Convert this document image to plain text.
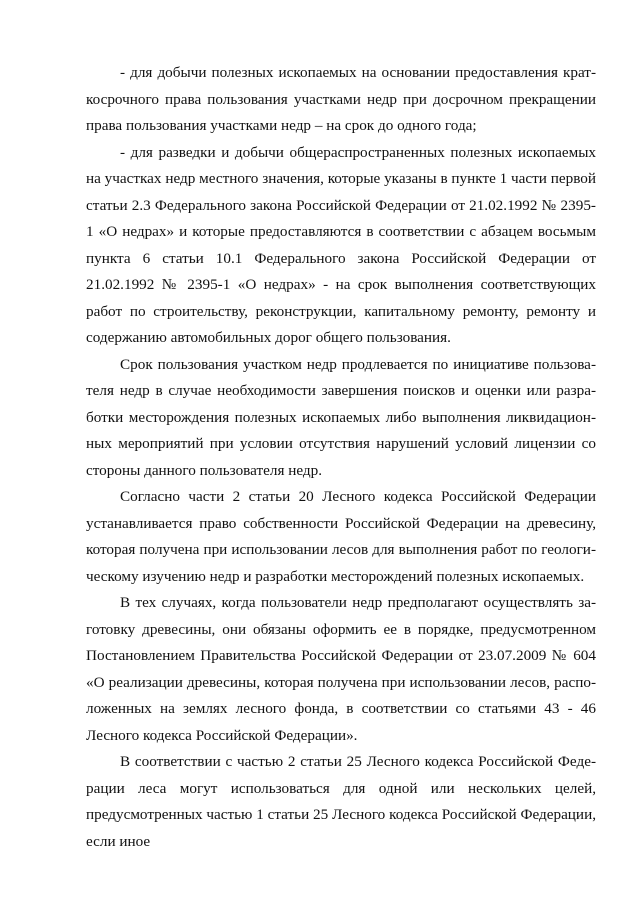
- для добычи полезных ископаемых на основании предоставления краткосрочного права пользования участками недр при досрочном прекращении права пользования участками недр – на срок до одного года;

- для разведки и добычи общераспространенных полезных ископаемых на участках недр местного значения, которые указаны в пункте 1 части первой статьи 2.3 Федерального закона Российской Федерации от 21.02.1992 № 2395-1 «О недрах» и которые предоставляются в соответствии с абзацем восьмым пункта 6 статьи 10.1 Федерального закона Российской Федерации от 21.02.1992 № 2395-1 «О недрах» - на срок выполнения соответствующих работ по строительству, реконструкции, капитальному ремонту, ремонту и содержанию автомобильных дорог общего пользования.

Срок пользования участком недр продлевается по инициативе пользователя недр в случае необходимости завершения поисков и оценки или разработки месторождения полезных ископаемых либо выполнения ликвидационных мероприятий при условии отсутствия нарушений условий лицензии со стороны данного пользователя недр.

Согласно части 2 статьи 20 Лесного кодекса Российской Федерации устанавливается право собственности Российской Федерации на древесину, которая получена при использовании лесов для выполнения работ по геологическому изучению недр и разработки месторождений полезных ископаемых.

В тех случаях, когда пользователи недр предполагают осуществлять заготовку древесины, они обязаны оформить ее в порядке, предусмотренном Постановлением Правительства Российской Федерации от 23.07.2009 № 604 «О реализации древесины, которая получена при использовании лесов, расположенных на землях лесного фонда, в соответствии со статьями 43 - 46 Лесного кодекса Российской Федерации».

В соответствии с частью 2 статьи 25 Лесного кодекса Российской Федерации леса могут использоваться для одной или нескольких целей, предусмотренных частью 1 статьи 25 Лесного кодекса Российской Федерации, если иное
